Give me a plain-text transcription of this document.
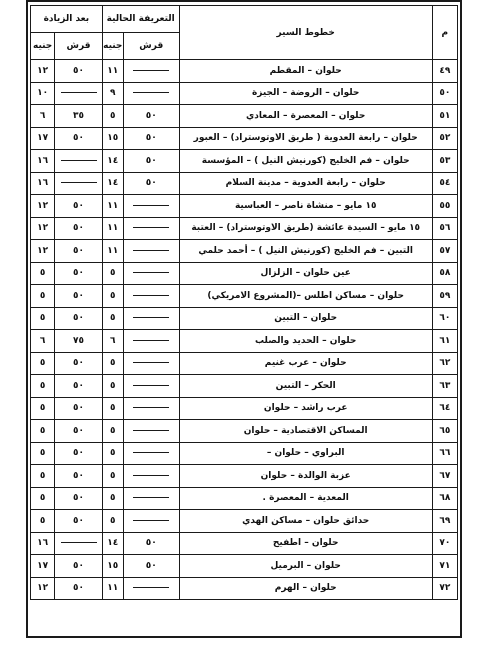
م	خطوط السير	التعريفة الحالية		بعد الزيادة	
		قرش	جنيه	قرش	جنيه
٤٩	حلوان – المقطم		١١	٥٠	١٢
٥٠	حلوان – الروضة – الجيزة		٩		١٠
٥١	حلوان – المعصرة – المعادي	٥٠	٥	٣٥	٦
٥٢	حلوان – رابعة العدوية ( طريق الاوتوستراد) – العبور	٥٠	١٥	٥٠	١٧
٥٣	حلوان – فم الخليج (كورنيش النيل ) – المؤسسة	٥٠	١٤		١٦
٥٤	حلوان – رابعة العدوية – مدينة السلام	٥٠	١٤		١٦
٥٥	١٥ مايو – منشاة ناصر – العباسية		١١	٥٠	١٢
٥٦	١٥ مايو – السيدة عائشة (طريق الاوتوستراد) – العتبة		١١	٥٠	١٢
٥٧	التبين – فم الخليج (كورنيش النيل ) – أحمد حلمي		١١	٥٠	١٢
٥٨	عين حلوان – الزلزال		٥	٥٠	٥
٥٩	حلوان – مساكن اطلس –(المشروع الامريكي)		٥	٥٠	٥
٦٠	حلوان – التبين		٥	٥٠	٥
٦١	حلوان – الحديد والصلب		٦	٧٥	٦
٦٢	حلوان – عرب غنيم		٥	٥٠	٥
٦٣	الحكر – التبين		٥	٥٠	٥
٦٤	عرب راشد – حلوان		٥	٥٠	٥
٦٥	المساكن الاقتصادية – حلوان		٥	٥٠	٥
٦٦	البراوي – حلوان –		٥	٥٠	٥
٦٧	عزبة الوالدة – حلوان		٥	٥٠	٥
٦٨	المعدية – المعصرة .		٥	٥٠	٥
٦٩	حدائق حلوان – مساكن الهدي		٥	٥٠	٥
٧٠	حلوان – اطفيح	٥٠	١٤		١٦
٧١	حلوان – البرميل	٥٠	١٥	٥٠	١٧
٧٢	حلوان – الهرم		١١	٥٠	١٢
